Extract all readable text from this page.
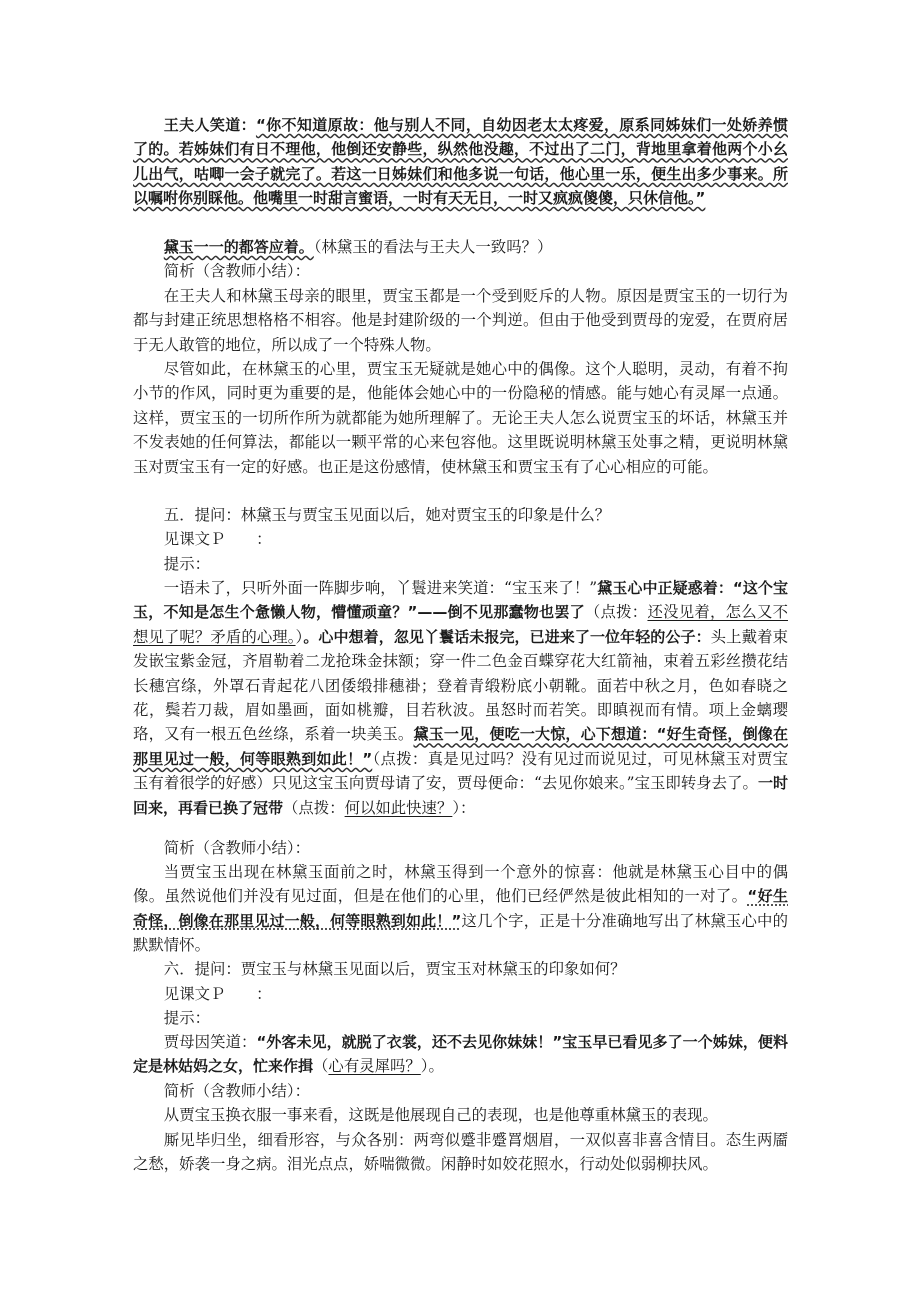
王夫人笑道：“你不知道原故：他与别人不同，自幼因老太太疼爱，原系同姊妹们一处娇养惯了的。若姊妹们有日不理他，他倒还安静些，纵然他没趣，不过出了二门，背地里拿着他两个小幺儿出气，咕唧一会子就完了。若这一日姊妹们和他多说一句话，他心里一乐，便生出多少事来。所以嘱咐你别睬他。他嘴里一时甜言蜜语，一时有天无日，一时又疯疯傻傻，只休信他。”

黛玉一一的都答应着。（林黛玉的看法与王夫人一致吗？）

简析（含教师小结）：

在王夫人和林黛玉母亲的眼里，贾宝玉都是一个受到贬斥的人物。原因是贾宝玉的一切行为都与封建正统思想格格不相容。他是封建阶级的一个判逆。但由于他受到贾母的宠爱，在贾府居于无人敢管的地位，所以成了一个特殊人物。

尽管如此，在林黛玉的心里，贾宝玉无疑就是她心中的偶像。这个人聪明，灵动，有着不拘小节的作风，同时更为重要的是，他能体会她心中的一份隐秘的情感。能与她心有灵犀一点通。这样，贾宝玉的一切所作所为就都能为她所理解了。无论王夫人怎么说贾宝玉的坏话，林黛玉并不发表她的任何算法，都能以一颗平常的心来包容他。这里既说明林黛玉处事之精，更说明林黛玉对贾宝玉有一定的好感。也正是这份感情，使林黛玉和贾宝玉有了心心相应的可能。

五．提问：林黛玉与贾宝玉见面以后，她对贾宝玉的印象是什么？

见课文Ｐ　　：

提示：

一语未了，只听外面一阵脚步响，丫鬟进来笑道：“宝玉来了！”黛玉心中正疑惑着：“这个宝玉，不知是怎生个惫懒人物，懵懂顽童？”——倒不见那蠢物也罢了（点拨：还没见着，怎么又不想见了呢？矛盾的心理。）。心中想着，忽见丫鬟话未报完，已进来了一位年轻的公子：头上戴着束发嵌宝紫金冠，齐眉勒着二龙抢珠金抹额；穿一件二色金百蝶穿花大红箭袖，束着五彩丝攒花结长穗宫绦，外罩石青起花八团倭缎排穗褂；登着青缎粉底小朝靴。面若中秋之月，色如春晓之花，鬓若刀裁，眉如墨画，面如桃瓣，目若秋波。虽怒时而若笑。即瞋视而有情。项上金螭璎珞，又有一根五色丝绦，系着一块美玉。黛玉一见，便吃一大惊，心下想道：“好生奇怪，倒像在那里见过一般，何等眼熟到如此！”（点拨：真是见过吗？没有见过而说见过，可见林黛玉对贾宝玉有着很学的好感）只见这宝玉向贾母请了安，贾母便命：“去见你娘来。”宝玉即转身去了。一时回来，再看已换了冠带（点拨：何以如此快速？）：

简析（含教师小结）：

当贾宝玉出现在林黛玉面前之时，林黛玉得到一个意外的惊喜：他就是林黛玉心目中的偶像。虽然说他们并没有见过面，但是在他们的心里，他们已经俨然是彼此相知的一对了。“好生奇怪，倒像在那里见过一般，何等眼熟到如此！”这几个字，正是十分准确地写出了林黛玉心中的默默情怀。

六．提问：贾宝玉与林黛玉见面以后，贾宝玉对林黛玉的印象如何？

见课文Ｐ　　：

提示：

贾母因笑道：“外客未见，就脱了衣裳，还不去见你妹妹！”宝玉早已看见多了一个姊妹，便料定是林姑妈之女，忙来作揖（心有灵犀吗？）。

简析（含教师小结）：

从贾宝玉换衣服一事来看，这既是他展现自己的表现，也是他尊重林黛玉的表现。

厮见毕归坐，细看形容，与众各别：两弯似蹙非蹙罥烟眉，一双似喜非喜含情目。态生两靥之愁，娇袭一身之病。泪光点点，娇喘微微。闲静时如姣花照水，行动处似弱柳扶风。
